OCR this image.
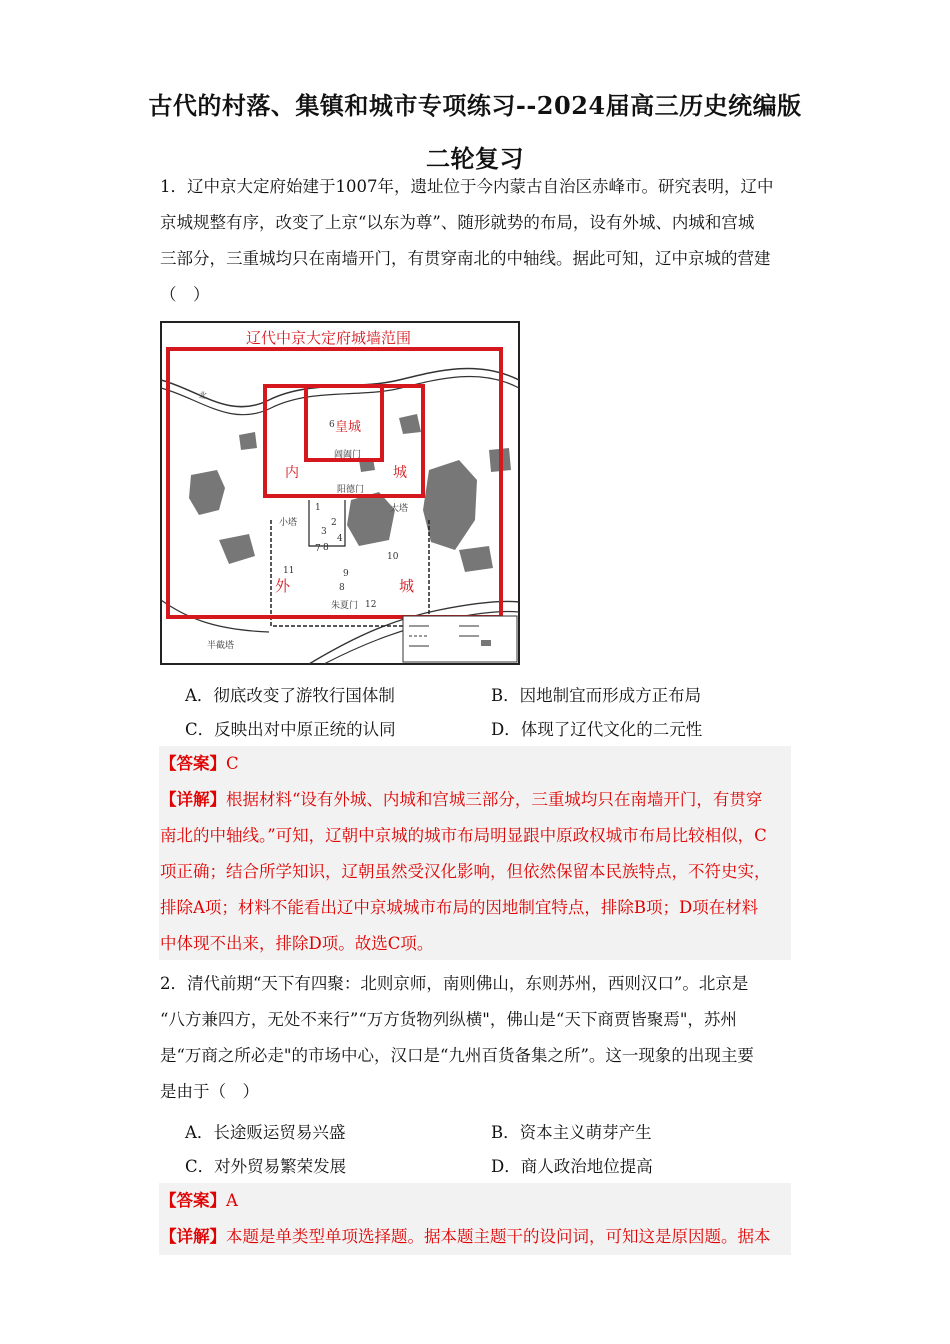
古代的村落、集镇和城市专项练习--2024届高三历史统编版
二轮复习
1．辽中京大定府始建于1007年，遗址位于今内蒙古自治区赤峰市。研究表明，辽中
京城规整有序，改变了上京“以东为尊”、随形就势的布局，设有外城、内城和宫城
三部分，三重城均只在南墙开门，有贯穿南北的中轴线。据此可知，辽中京城的营建
（　）
辽代中京大定府城墙范围
皇城
内	城
外	城
阊阖门
阳德门
朱夏门
小塔
大塔
半截塔
北
6
1
2
3
4
10
11	9
8
12
7 8
A．彻底改变了游牧行国体制	B．因地制宜而形成方正布局
C．反映出对中原正统的认同	D．体现了辽代文化的二元性
【答案】C
【详解】根据材料“设有外城、内城和宫城三部分，三重城均只在南墙开门，有贯穿
南北的中轴线。”可知，辽朝中京城的城市布局明显跟中原政权城市布局比较相似，C
项正确；结合所学知识，辽朝虽然受汉化影响，但依然保留本民族特点，不符史实，
排除A项；材料不能看出辽中京城城市布局的因地制宜特点，排除B项；D项在材料
中体现不出来，排除D项。故选C项。
2．清代前期“天下有四聚：北则京师，南则佛山，东则苏州，西则汉口”。北京是
“八方兼四方，无处不来行”“万方货物列纵横"，佛山是“天下商贾皆聚焉"，苏州
是“万商之所必走"的市场中心，汉口是“九州百货备集之所”。这一现象的出现主要
是由于（　）
A．长途贩运贸易兴盛	B．资本主义萌芽产生
C．对外贸易繁荣发展	D．商人政治地位提高
【答案】A
【详解】本题是单类型单项选择题。据本题主题干的设问词，可知这是原因题。据本
